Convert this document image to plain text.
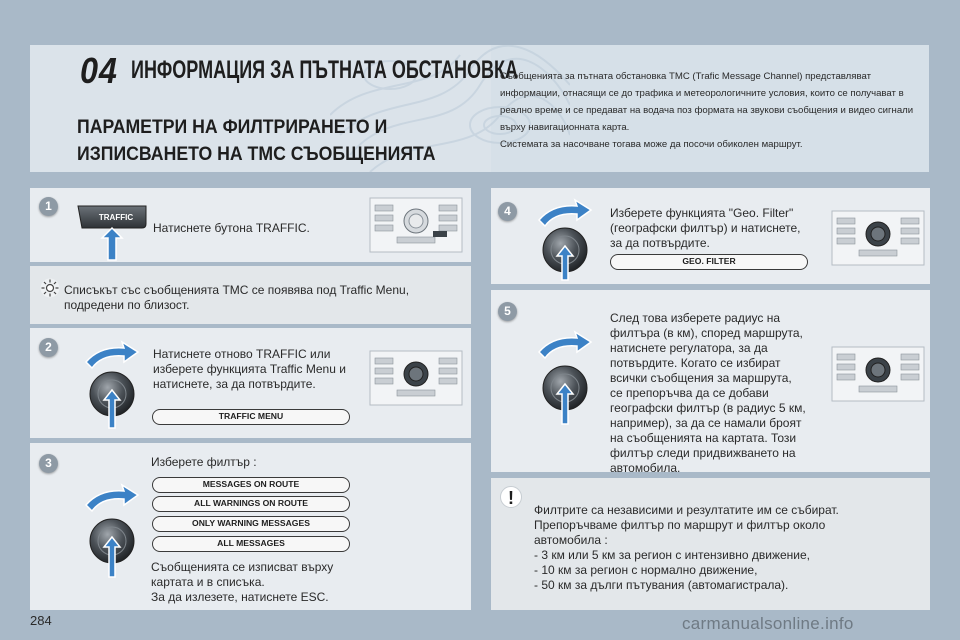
04 ИНФОРМАЦИЯ ЗА ПЪТНАТА ОБСТАНОВКА
ПАРАМЕТРИ НА ФИЛТРИРАНЕТО И
ИЗПИСВАНЕТО НА TMC СЪОБЩЕНИЯТА

Съобщенията за пътната обстановка TMC (Trafic Message Channel) представляват

информации, отнасящи се до трафика и метеорологичните условия, които се получават в

реално време и се предават на водача поз формата на звукови съобщения и видео сигнали

върху навигационната карта.

Системата за насочване тогава може да посочи обиколен маршрут.

1
TRAFFIC
Натиснете бутона TRAFFIC.
Списъкът със съобщенията TMC се появява под Traffic Menu,
подредени по близост.
2	Натиснете отново TRAFFIC или
изберете функцията Traffic Menu и
натиснете, за да потвърдите.
TRAFFIC MENU
3	Изберете филтър :
MESSAGES ON ROUTE
ALL WARNINGS ON ROUTE
ONLY WARNING MESSAGES
ALL MESSAGES
Съобщенията се изписват върху
картата и в списъка.
За да излезете, натиснете ESC.
4	Изберете функцията "Geo. Filter"
(географски филтър) и натиснете,
за да потвърдите.
GEO. FILTER
5	След това изберете радиус на
филтъра (в км), според маршрута,
натиснете регулатора, за да
потвърдите. Когато се избират
всички съобщения за маршрута,
се препоръчва да се добави
географски филтър (в радиус 5 км,
например), за да се намали броят
на съобщенията на картата. Този
филтър следи придвижването на
автомобила.
!
Филтрите са независими и резултатите им се събират.
Препоръчваме филтър по маршрут и филтър около
автомобила :
- 3 км или 5 км за регион с интензивно движение,
- 10 км за регион с нормално движение,
- 50 км за дълги пътувания (автомагистрала).
284	carmanualsonline.info
